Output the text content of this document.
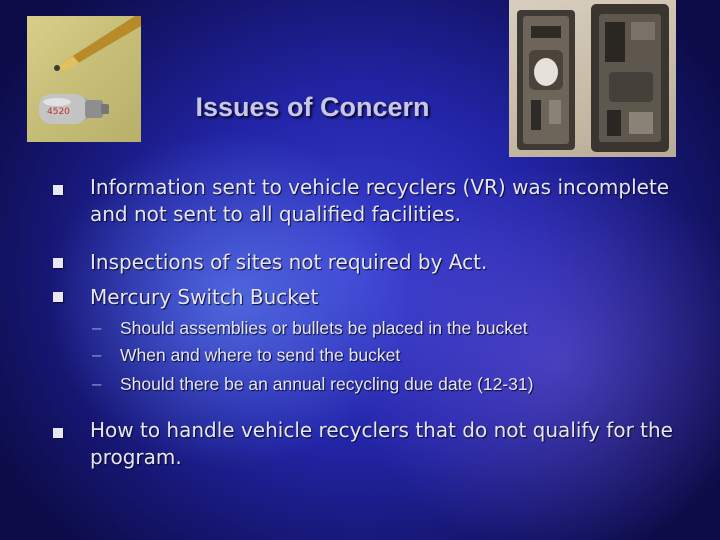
4520	Issues of Concern
Information sent to vehicle recyclers (VR) was incomplete and not sent to all qualified facilities.
Inspections of sites not required by Act.
Mercury Switch Bucket
– Should assemblies or bullets be placed in the bucket
– When and where to send the bucket
– Should there be an annual recycling due date (12-31)
How to handle vehicle recyclers that do not qualify for the program.
